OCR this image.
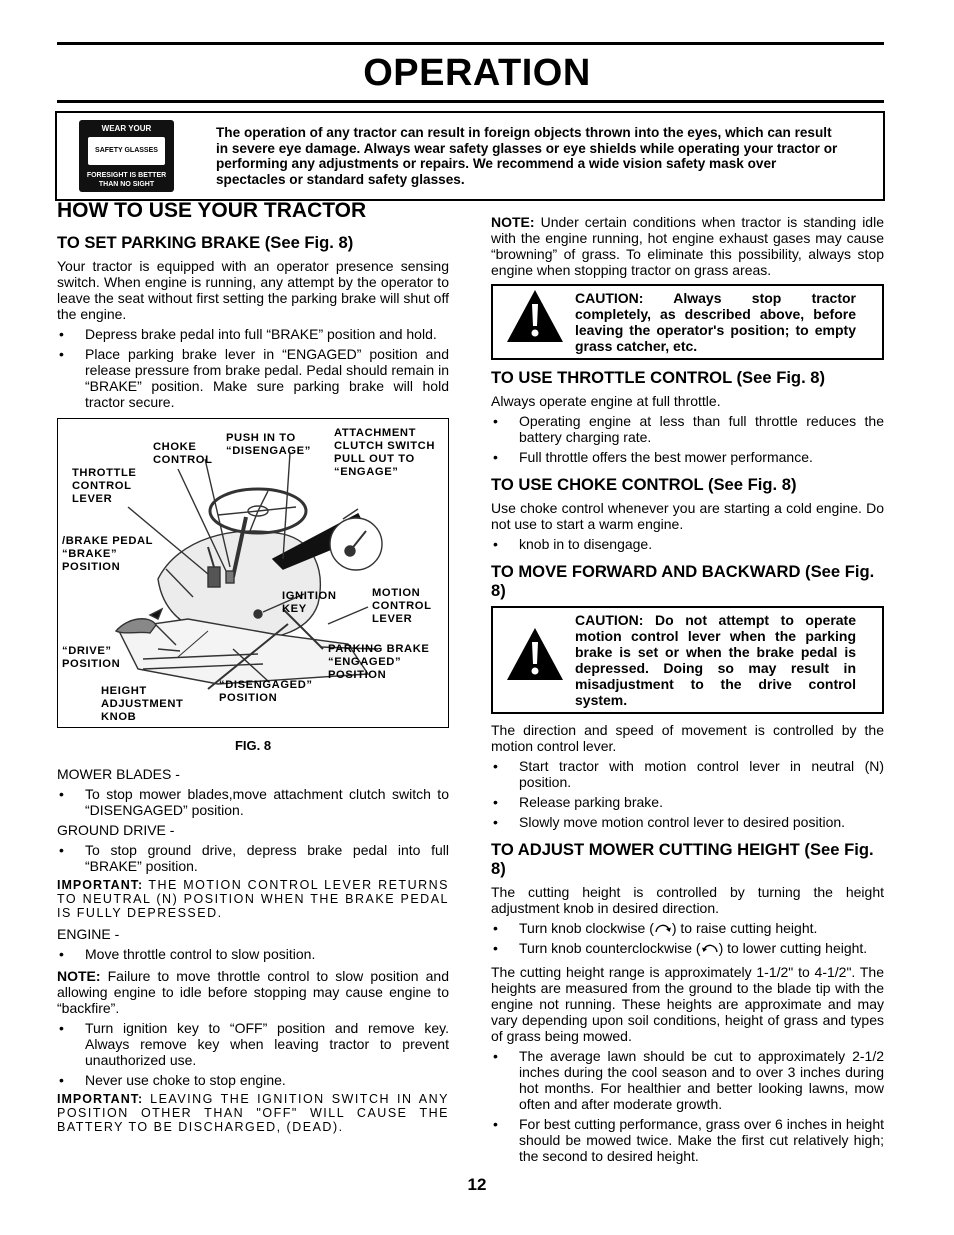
OPERATION
WEAR YOUR
SAFETY GLASSES
FORESIGHT IS BETTER
THAN NO SIGHT
The operation of any tractor can result in foreign objects thrown into the eyes, which can result in severe eye damage. Always wear safety glasses or eye shields while operating your tractor or performing any adjustments or repairs. We recommend a wide vision safety mask over spectacles or standard safety glasses.
HOW TO USE YOUR TRACTOR
TO SET PARKING BRAKE (See Fig. 8)

Your tractor is equipped with an operator presence sensing switch. When engine is running, any attempt by the operator to leave the seat without first setting the parking brake will shut off the engine.

• Depress brake pedal into full “BRAKE” position and hold.
• Place parking brake lever in “ENGAGED” position and release pressure from brake pedal. Pedal should remain in “BRAKE” position. Make sure parking brake will hold tractor secure.
CHOKE
CONTROL
PUSH IN TO
“DISENGAGE”
ATTACHMENT
CLUTCH SWITCH
PULL OUT TO
“ENGAGE”
THROTTLE
CONTROL
LEVER
/BRAKE PEDAL
“BRAKE”
POSITION
IGNITION
KEY
MOTION
CONTROL
LEVER
“DRIVE”
POSITION
PARKING BRAKE
“ENGAGED”
POSITION
HEIGHT
ADJUSTMENT
KNOB
“DISENGAGED”
POSITION
FIG. 8

MOWER BLADES -

• To stop mower blades,move attachment clutch switch to “DISENGAGED” position.

GROUND DRIVE -

• To stop ground drive, depress brake pedal into full “BRAKE” position.

IMPORTANT: THE MOTION CONTROL LEVER RETURNS TO NEUTRAL (N) POSITION WHEN THE BRAKE PEDAL IS FULLY DEPRESSED.

ENGINE -

• Move throttle control to slow position.

NOTE: Failure to move throttle control to slow position and allowing engine to idle before stopping may cause engine to “backfire”.

• Turn ignition key to “OFF” position and remove key. Always remove key when leaving tractor to prevent unauthorized use.
• Never use choke to stop engine.

IMPORTANT: LEAVING THE IGNITION SWITCH IN ANY POSITION OTHER THAN "OFF" WILL CAUSE THE BATTERY TO BE DISCHARGED, (DEAD).

NOTE: Under certain conditions when tractor is standing idle with the engine running, hot engine exhaust gases may cause “browning” of grass. To eliminate this possibility, always stop engine when stopping tractor on grass areas.

CAUTION: Always stop tractor completely, as described above, before leaving the operator's position; to empty grass catcher, etc.
TO USE THROTTLE CONTROL (See Fig. 8)

Always operate engine at full throttle.

• Operating engine at less than full throttle reduces the battery charging rate.
• Full throttle offers the best mower performance.
TO USE CHOKE CONTROL (See Fig. 8)

Use choke control whenever you are starting a cold engine. Do not use to start a warm engine.

• knob in to disengage.
TO MOVE FORWARD AND BACKWARD (See Fig. 8)
CAUTION: Do not attempt to operate motion control lever when the parking brake is set or when the brake pedal is depressed. Doing so may result in misadjustment to the drive control system.

The direction and speed of movement is controlled by the motion control lever.

• Start tractor with motion control lever in neutral (N) position.
• Release parking brake.
• Slowly move motion control lever to desired position.
TO ADJUST MOWER CUTTING HEIGHT (See Fig. 8)

The cutting height is controlled by turning the height adjustment knob in desired direction.

• Turn knob clockwise ( ) to raise cutting height.
• Turn knob counterclockwise ( ) to lower cutting height.

The cutting height range is approximately 1-1/2" to 4-1/2". The heights are measured from the ground to the blade tip with the engine not running. These heights are approximate and may vary depending upon soil conditions, height of grass and types of grass being mowed.

• The average lawn should be cut to approximately 2-1/2 inches during the cool season and to over 3 inches during hot months. For healthier and better looking lawns, mow often and after moderate growth.
• For best cutting performance, grass over 6 inches in height should be mowed twice. Make the first cut relatively high; the second to desired height.
12
